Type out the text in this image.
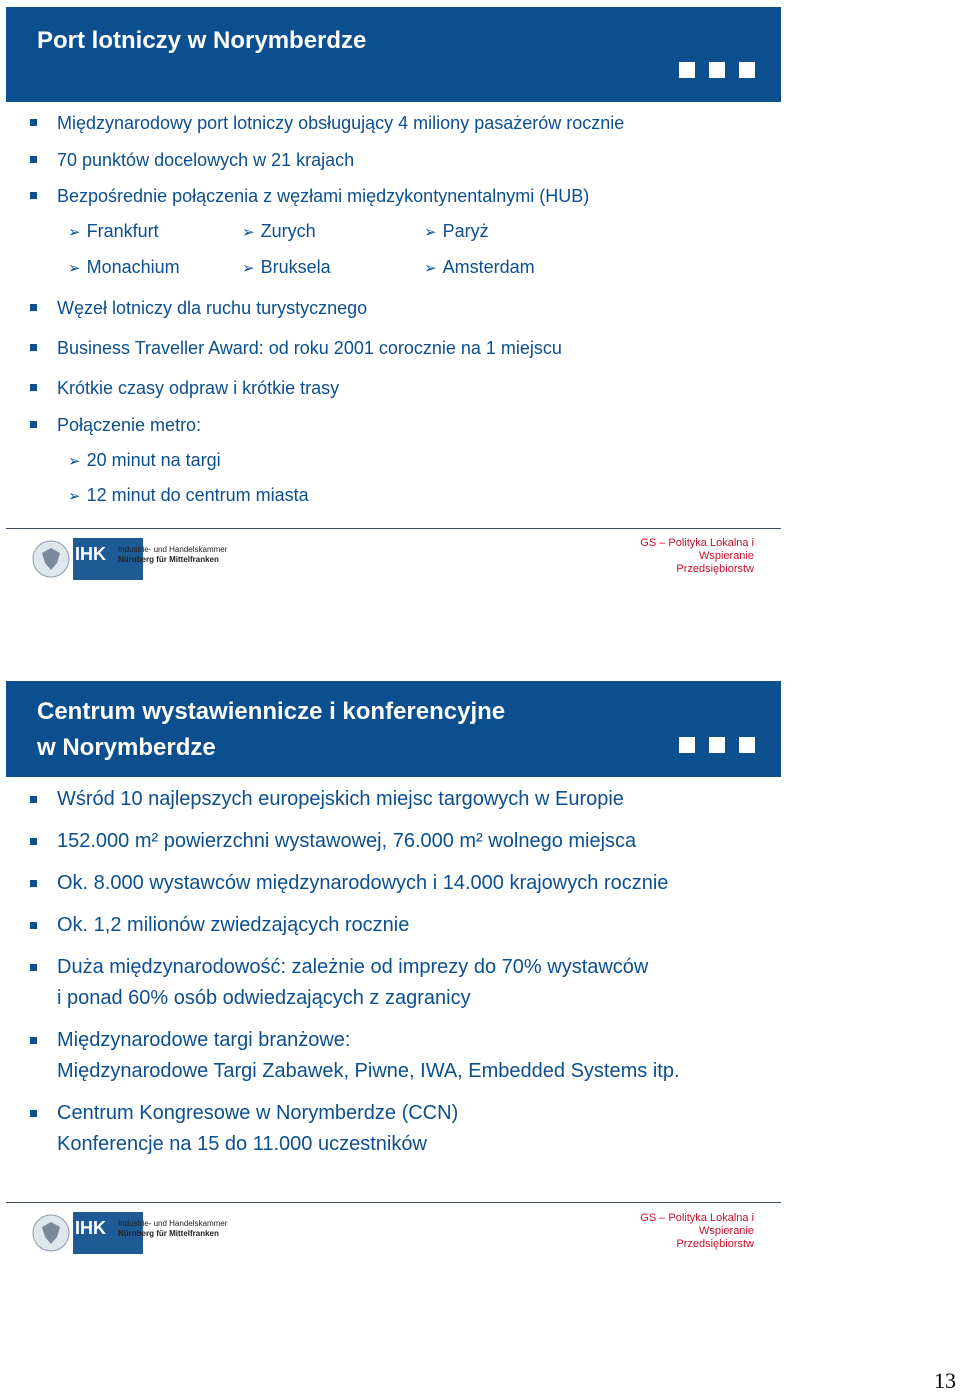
Port lotniczy w Norymberdze
Międzynarodowy port lotniczy obsługujący 4 miliony pasażerów rocznie
70 punktów docelowych w 21 krajach
Bezpośrednie połączenia z węzłami międzykontynentalnymi (HUB)
➢ Frankfurt	➢ Zurych	➢ Paryż
➢ Monachium	➢ Bruksela	➢ Amsterdam
Węzeł lotniczy dla ruchu turystycznego
Business Traveller Award: od roku 2001 corocznie na 1 miejscu
Krótkie czasy odpraw i krótkie trasy
Połączenie metro:
➢ 20 minut na targi
➢ 12 minut do centrum miasta
IHK Industrie- und Handelskammer
Nürnberg für Mittelfranken
GS – Polityka Lokalna i
Wspieranie
Przedsiębiorstw
Centrum wystawiennicze i konferencyjne
w Norymberdze
Wśród 10 najlepszych europejskich miejsc targowych w Europie
152.000 m² powierzchni wystawowej, 76.000 m² wolnego miejsca
Ok. 8.000 wystawców międzynarodowych i 14.000 krajowych rocznie
Ok. 1,2 milionów zwiedzających rocznie
Duża międzynarodowość: zależnie od imprezy do 70% wystawców
i ponad 60% osób odwiedzających z zagranicy
Międzynarodowe targi branżowe:
Międzynarodowe Targi Zabawek, Piwne, IWA, Embedded Systems itp.
Centrum Kongresowe w Norymberdze (CCN)
Konferencje na 15 do 11.000 uczestników
IHK Industrie- und Handelskammer
Nürnberg für Mittelfranken
GS – Polityka Lokalna i
Wspieranie
Przedsiębiorstw
13
